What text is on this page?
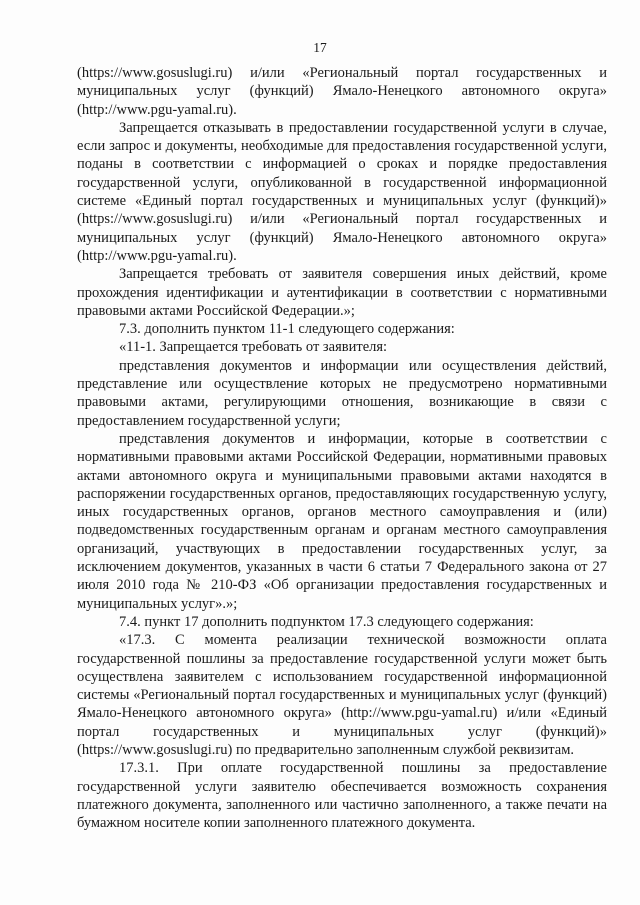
17

(https://www.gosuslugi.ru) и/или «Региональный портал государственных и муниципальных услуг (функций) Ямало-Ненецкого автономного округа» (http://www.pgu-yamal.ru).

Запрещается отказывать в предоставлении государственной услуги в случае, если запрос и документы, необходимые для предоставления государственной услуги, поданы в соответствии с информацией о сроках и порядке предоставления государственной услуги, опубликованной в государственной информационной системе «Единый портал государственных и муниципальных услуг (функций)» (https://www.gosuslugi.ru) и/или «Региональный портал государственных и муниципальных услуг (функций) Ямало-Ненецкого автономного округа» (http://www.pgu-yamal.ru).

Запрещается требовать от заявителя совершения иных действий, кроме прохождения идентификации и аутентификации в соответствии с нормативными правовыми актами Российской Федерации.»;

7.3. дополнить пунктом 11-1 следующего содержания:

«11-1. Запрещается требовать от заявителя:

представления документов и информации или осуществления действий, представление или осуществление которых не предусмотрено нормативными правовыми актами, регулирующими отношения, возникающие в связи с предоставлением государственной услуги;

представления документов и информации, которые в соответствии с нормативными правовыми актами Российской Федерации, нормативными правовых актами автономного округа и муниципальными правовыми актами находятся в распоряжении государственных органов, предоставляющих государственную услугу, иных государственных органов, органов местного самоуправления и (или) подведомственных государственным органам и органам местного самоуправления организаций, участвующих в предоставлении государственных услуг, за исключением документов, указанных в части 6 статьи 7 Федерального закона от 27 июля 2010 года № 210-ФЗ «Об организации предоставления государственных и муниципальных услуг».»;

7.4. пункт 17 дополнить подпунктом 17.3 следующего содержания:

«17.3. С момента реализации технической возможности оплата государственной пошлины за предоставление государственной услуги может быть осуществлена заявителем с использованием государственной информационной системы «Региональный портал государственных и муниципальных услуг (функций) Ямало-Ненецкого автономного округа» (http://www.pgu-yamal.ru) и/или «Единый портал государственных и муниципальных услуг (функций)» (https://www.gosuslugi.ru) по предварительно заполненным службой реквизитам.

17.3.1. При оплате государственной пошлины за предоставление государственной услуги заявителю обеспечивается возможность сохранения платежного документа, заполненного или частично заполненного, а также печати на бумажном носителе копии заполненного платежного документа.
